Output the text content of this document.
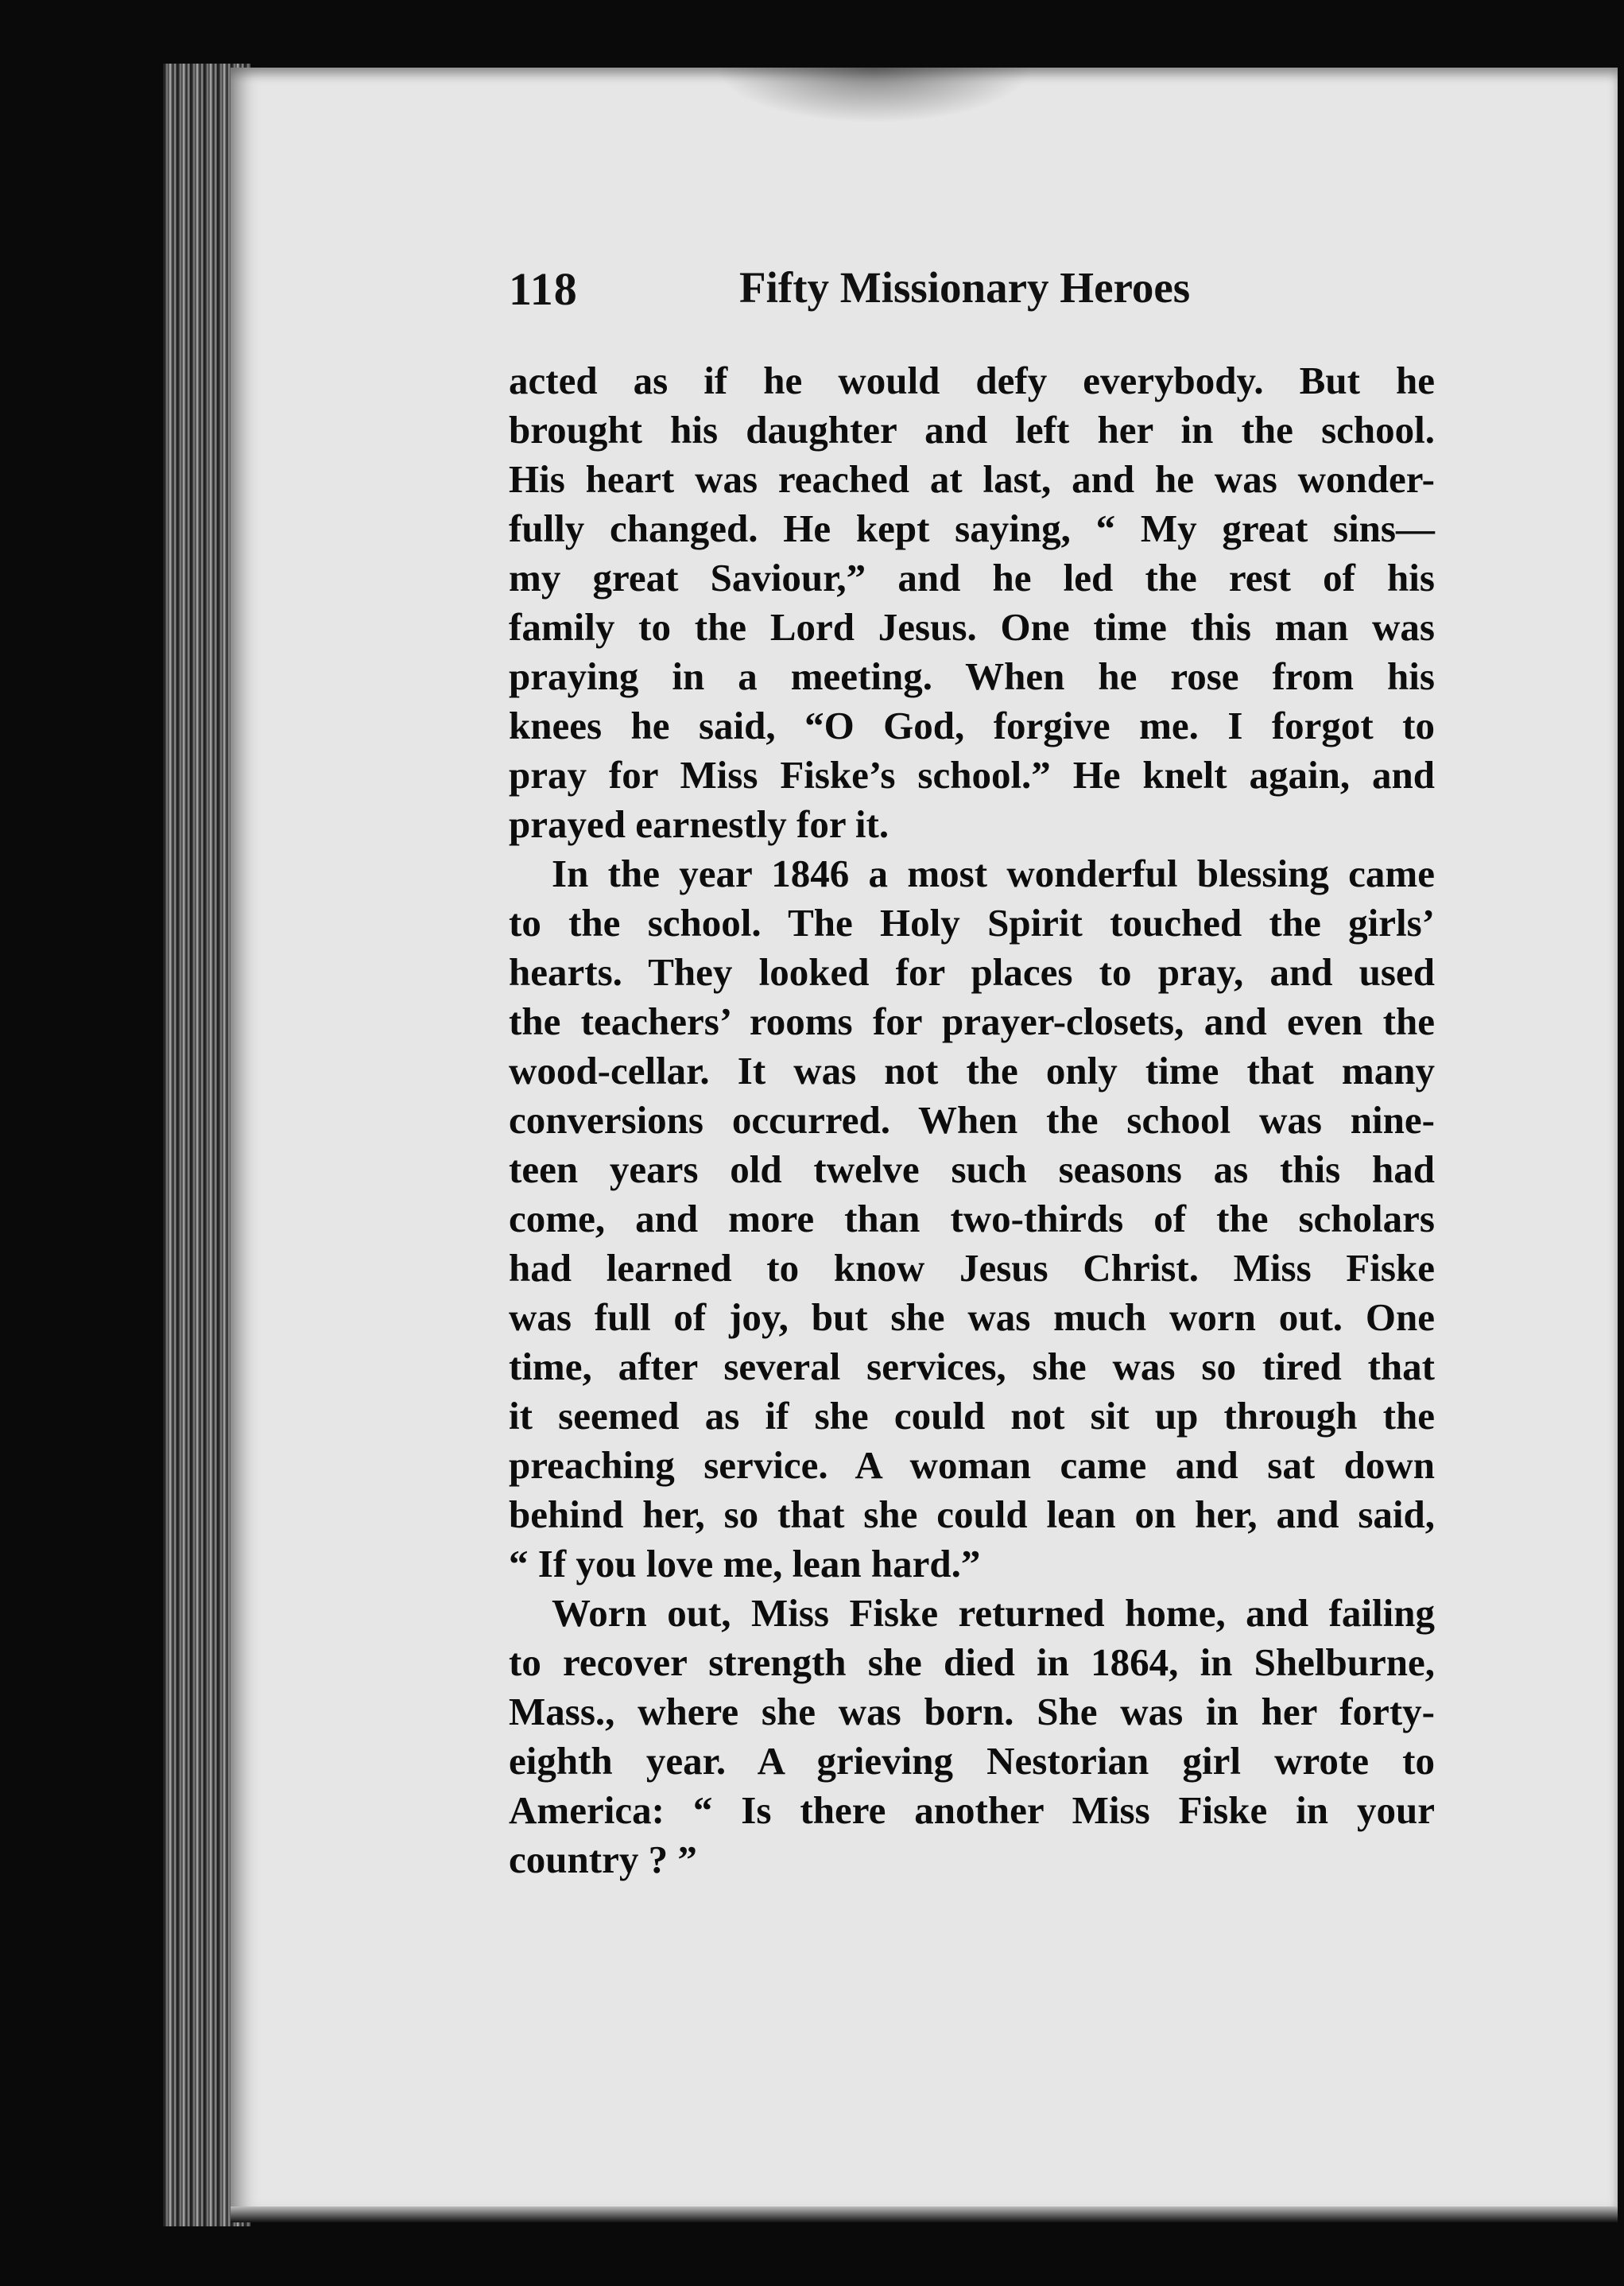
118	Fifty Missionary Heroes
acted as if he would defy everybody. But he
brought his daughter and left her in the school.
His heart was reached at last, and he was wonder-
fully changed. He kept saying, “ My great sins—
my great Saviour,” and he led the rest of his
family to the Lord Jesus. One time this man was
praying in a meeting. When he rose from his
knees he said, “O God, forgive me. I forgot to
pray for Miss Fiske’s school.” He knelt again, and
prayed earnestly for it.
In the year 1846 a most wonderful blessing came
to the school. The Holy Spirit touched the girls’
hearts. They looked for places to pray, and used
the teachers’ rooms for prayer-closets, and even the
wood-cellar. It was not the only time that many
conversions occurred. When the school was nine-
teen years old twelve such seasons as this had
come, and more than two-thirds of the scholars
had learned to know Jesus Christ. Miss Fiske
was full of joy, but she was much worn out. One
time, after several services, she was so tired that
it seemed as if she could not sit up through the
preaching service. A woman came and sat down
behind her, so that she could lean on her, and said,
“ If you love me, lean hard.”
Worn out, Miss Fiske returned home, and failing
to recover strength she died in 1864, in Shelburne,
Mass., where she was born. She was in her forty-
eighth year. A grieving Nestorian girl wrote to
America: “ Is there another Miss Fiske in your
country ? ”
